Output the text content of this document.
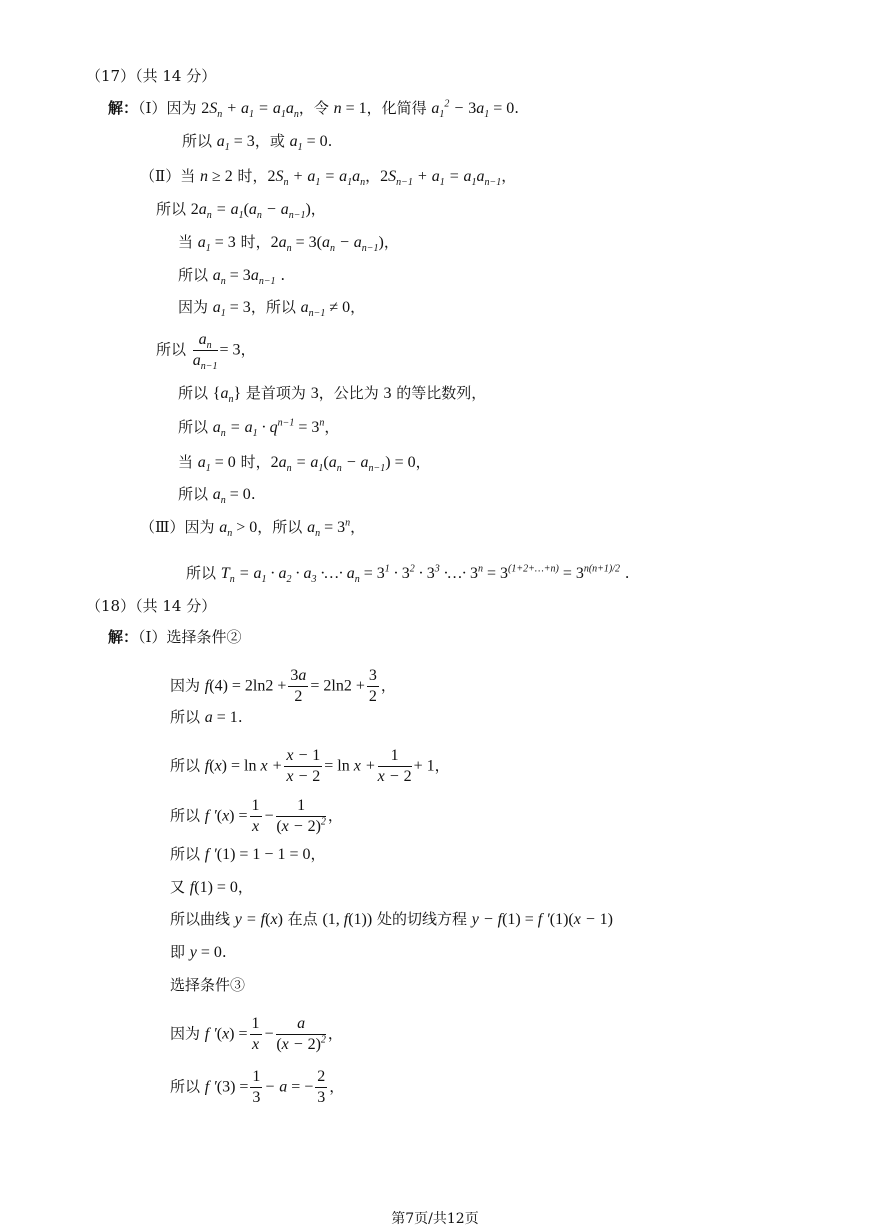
（17）（共 14 分）
解：（Ⅰ）因为 $2S_n + a_1 = a_1a_n$，令 n = 1，化简得 $a_1^2 - 3a_1 = 0$.
所以 $a_1 = 3$，或 $a_1 = 0$.
（Ⅱ）当 n ≥ 2 时，$2S_n + a_1 = a_1a_n$，$2S_{n-1} + a_1 = a_1a_{n-1}$，
所以 $2a_n = a_1(a_n - a_{n-1})$，
当 $a_1 = 3$ 时，$2a_n = 3(a_n - a_{n-1})$，
所以 $a_n = 3a_{n-1}$ .
因为 $a_1 = 3$，所以 $a_{n-1} \ne 0$，
所以 $\frac{a_n}{a_{n-1}} = 3$，
所以 $\{a_n\}$ 是首项为 3，公比为 3 的等比数列，
所以 $a_n = a_1 \cdot q^{n-1} = 3^n$，
当 $a_1 = 0$ 时，$2a_n = a_1(a_n - a_{n-1}) = 0$，
所以 $a_n = 0$.
（Ⅲ）因为 $a_n > 0$，所以 $a_n = 3^n$，
所以 $T_n = a_1 \cdot a_2 \cdot a_3$ ·…· $a_n = 3^1 \cdot 3^2 \cdot 3^3$ ·…· $3^n = 3^{(1+2+\dots+n)} = 3^{n(n+1)/2}$ .
（18）（共 14 分）
解：（Ⅰ）选择条件②
因为 $f(4) = 2\ln 2 + \frac{3a}{2} = 2\ln 2 + \frac{3}{2}$ ，
所以 a = 1.
所以 $f(x) = \ln x + \frac{x - 1}{x - 2} = \ln x + \frac{1}{x - 2} + 1$，
所以 f $'(x) = \frac{1}{x} - \frac{1}{(x - 2)^2}$ ，
所以 f ′(1) = 1 − 1 = 0，
又 f(1) = 0，
所以曲线 y = f(x) 在点 (1, f(1)) 处的切线方程 y − f(1) = f ′(1)(x − 1)
即 y = 0.
选择条件③
因为 f $'(x) = \frac{1}{x} - \frac{a}{(x - 2)^2}$ ，
所以 f $'(3) = \frac{1}{3} - a$ = − $\frac{2}{3}$ ，
第7页/共12页
